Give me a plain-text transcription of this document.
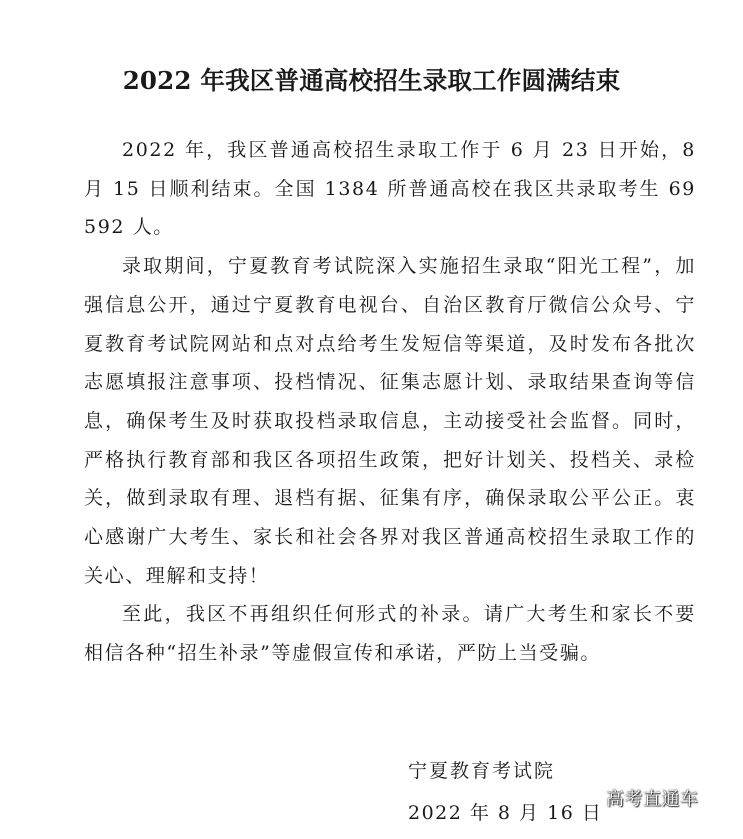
2022 年我区普通高校招生录取工作圆满结束

2022 年，我区普通高校招生录取工作于 6 月 23 日开始，8 月 15 日顺利结束。全国 1384 所普通高校在我区共录取考生 69592 人。

录取期间，宁夏教育考试院深入实施招生录取“阳光工程”，加强信息公开，通过宁夏教育电视台、自治区教育厅微信公众号、宁夏教育考试院网站和点对点给考生发短信等渠道，及时发布各批次志愿填报注意事项、投档情况、征集志愿计划、录取结果查询等信息，确保考生及时获取投档录取信息，主动接受社会监督。同时，严格执行教育部和我区各项招生政策，把好计划关、投档关、录检关，做到录取有理、退档有据、征集有序，确保录取公平公正。衷心感谢广大考生、家长和社会各界对我区普通高校招生录取工作的关心、理解和支持！

至此，我区不再组织任何形式的补录。请广大考生和家长不要相信各种“招生补录”等虚假宣传和承诺，严防上当受骗。

宁夏教育考试院
2022 年 8 月 16 日
高考直通车
